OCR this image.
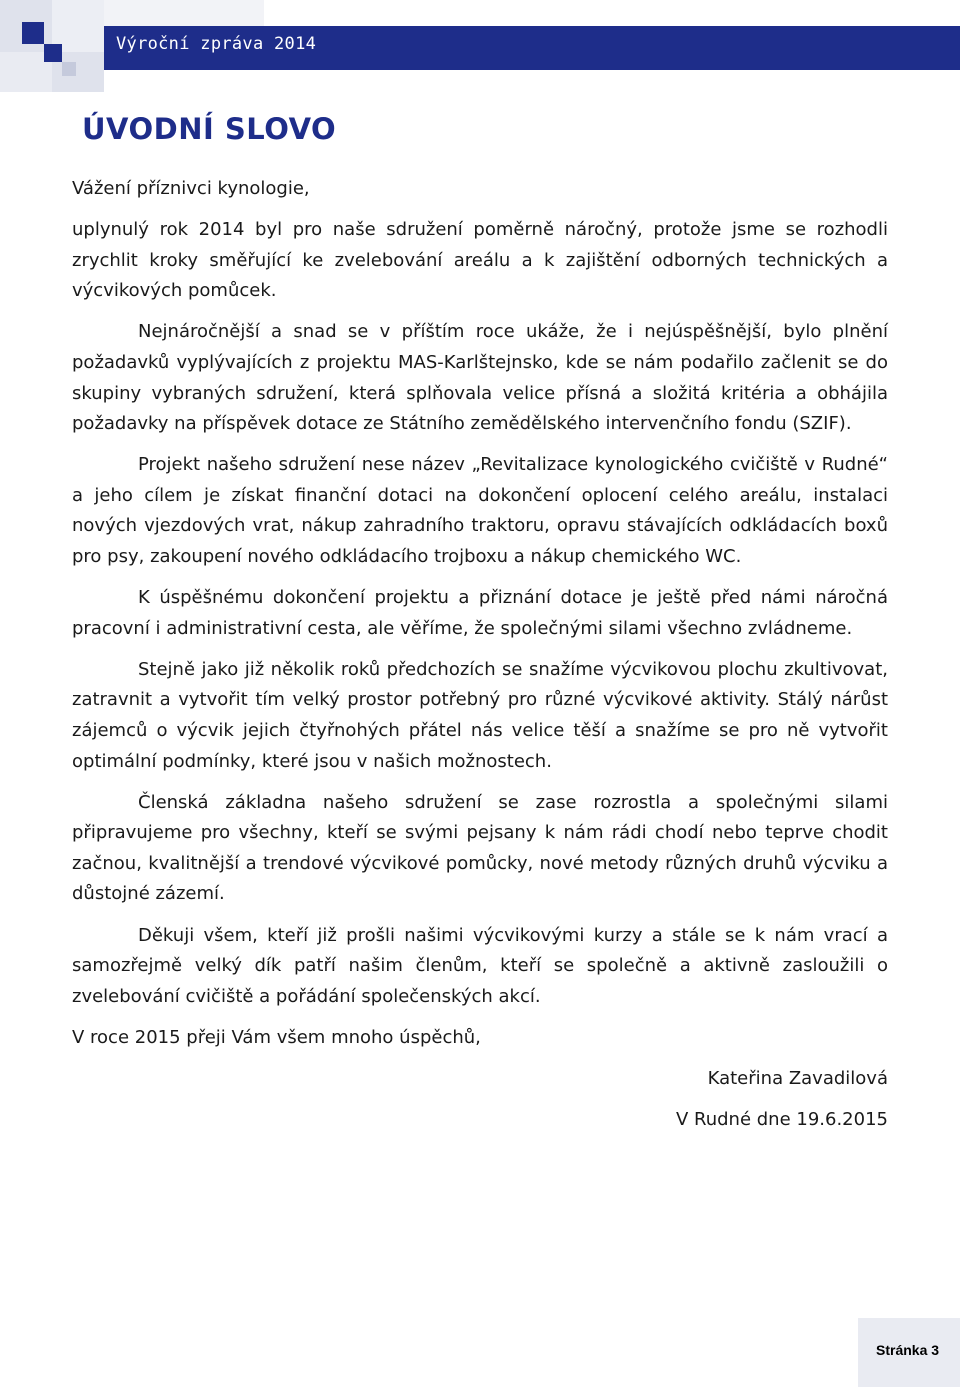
Výroční zpráva 2014
ÚVODNÍ SLOVO

Vážení příznivci kynologie,

uplynulý rok 2014 byl pro naše sdružení poměrně náročný, protože jsme se rozhodli zrychlit kroky směřující ke zvelebování areálu a k zajištění odborných technických a výcvikových pomůcek.

Nejnáročnější a snad se v příštím roce ukáže, že i nejúspěšnější, bylo plnění požadavků vyplývajících z projektu MAS-Karlštejnsko, kde se nám podařilo začlenit se do skupiny vybraných sdružení, která splňovala velice přísná a složitá kritéria a obhájila požadavky na příspěvek dotace ze Státního zemědělského intervenčního fondu (SZIF).

Projekt našeho sdružení nese název „Revitalizace kynologického cvičiště v Rudné“ a jeho cílem je získat finanční dotaci na dokončení oplocení celého areálu, instalaci nových vjezdových vrat, nákup zahradního traktoru, opravu stávajících odkládacích boxů pro psy, zakoupení nového odkládacího trojboxu a nákup chemického WC.

K úspěšnému dokončení projektu a přiznání dotace je ještě před námi náročná pracovní i administrativní cesta, ale věříme, že společnými silami všechno zvládneme.

Stejně jako již několik roků předchozích se snažíme výcvikovou plochu zkultivovat, zatravnit a vytvořit tím velký prostor potřebný pro různé výcvikové aktivity. Stálý nárůst zájemců o výcvik jejich čtyřnohých přátel nás velice těší a snažíme se pro ně vytvořit optimální podmínky, které jsou v našich možnostech.

Členská základna našeho sdružení se zase rozrostla a společnými silami připravujeme pro všechny, kteří se svými pejsany k nám rádi chodí nebo teprve chodit začnou, kvalitnější a trendové výcvikové pomůcky, nové metody různých druhů výcviku a důstojné zázemí.

Děkuji všem, kteří již prošli našimi výcvikovými kurzy a stále se k nám vrací a samozřejmě velký dík patří našim členům, kteří se společně a aktivně zasloužili o zvelebování cvičiště a pořádání společenských akcí.

V roce 2015 přeji Vám všem mnoho úspěchů,

Kateřina Zavadilová

V Rudné dne 19.6.2015

Stránka 3
